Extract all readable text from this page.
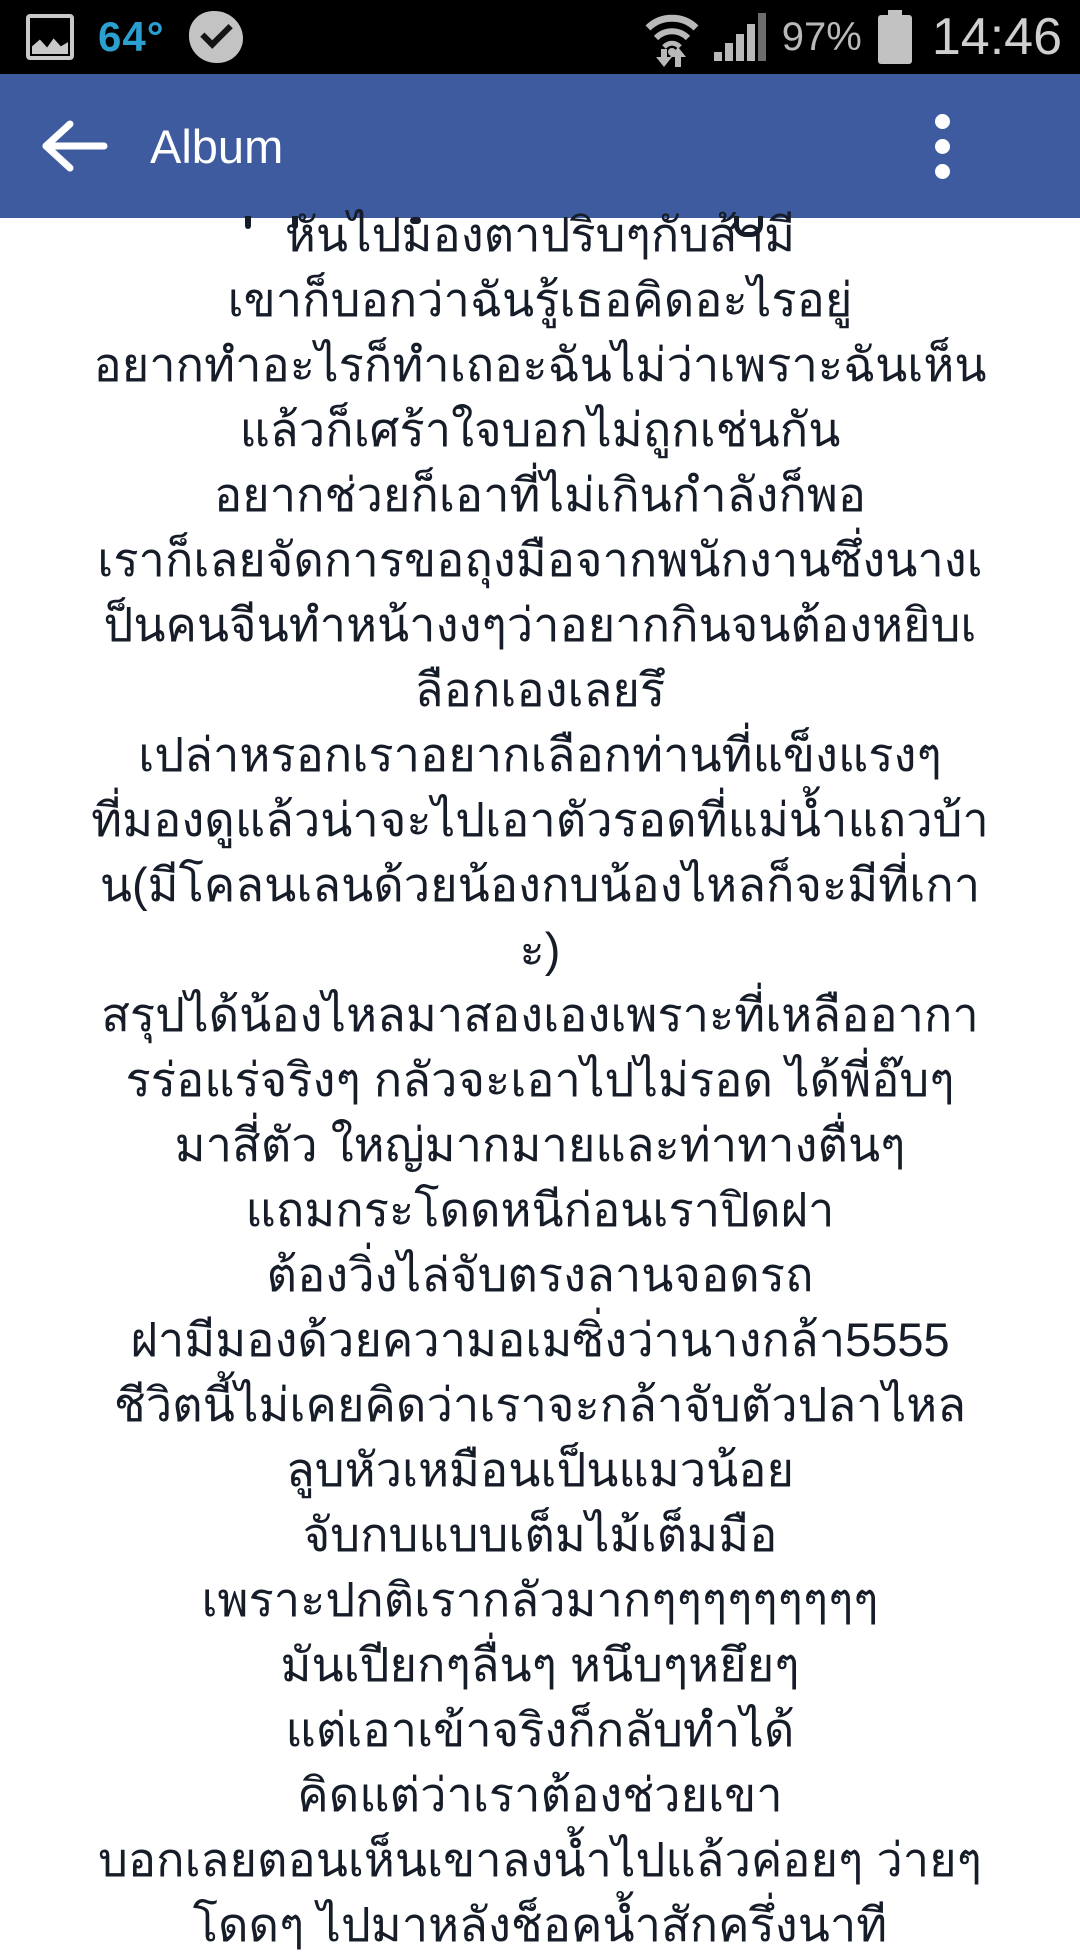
64°	97% 14:46
Album
หันไปมองตาปริบๆกับส้ามี
เขาก็บอกว่าฉันรู้เธอคิดอะไรอยู่
อยากทำอะไรก็ทำเถอะฉันไม่ว่าเพราะฉันเห็น
แล้วก็เศร้าใจบอกไม่ถูกเช่นกัน
อยากช่วยก็เอาที่ไม่เกินกำลังก็พอ
เราก็เลยจัดการขอถุงมือจากพนักงานซึ่งนางเ
ป็นคนจีนทำหน้างงๆว่าอยากกินจนต้องหยิบเ
ลือกเองเลยรึ
เปล่าหรอกเราอยากเลือกท่านที่แข็งแรงๆ
ที่มองดูแล้วน่าจะไปเอาตัวรอดที่แม่น้ำแถวบ้า
น(มีโคลนเลนด้วยน้องกบน้องไหลก็จะมีที่เกา
ะ)
สรุปได้น้องไหลมาสองเองเพราะที่เหลืออากา
รร่อแร่จริงๆ กลัวจะเอาไปไม่รอด ได้พี่อ๊บๆ
มาสี่ตัว ใหญ่มากมายและท่าทางตื่นๆ
แถมกระโดดหนีก่อนเราปิดฝา
ต้องวิ่งไล่จับตรงลานจอดรถ
ฝามีมองด้วยความอเมซิ่งว่านางกล้า5555
ชีวิตนี้ไม่เคยคิดว่าเราจะกล้าจับตัวปลาไหล
ลูบหัวเหมือนเป็นแมวน้อย
จับกบแบบเต็มไม้เต็มมือ
เพราะปกติเรากลัวมากๆๆๆๆๆๆๆๆๆ
มันเปียกๆลื่นๆ หนึบๆหยึยๆ
แต่เอาเข้าจริงก็กลับทำได้
คิดแต่ว่าเราต้องช่วยเขา
บอกเลยตอนเห็นเขาลงน้ำไปแล้วค่อยๆ ว่ายๆ
โดดๆ ไปมาหลังช็อคน้ำสักครึ่งนาที
